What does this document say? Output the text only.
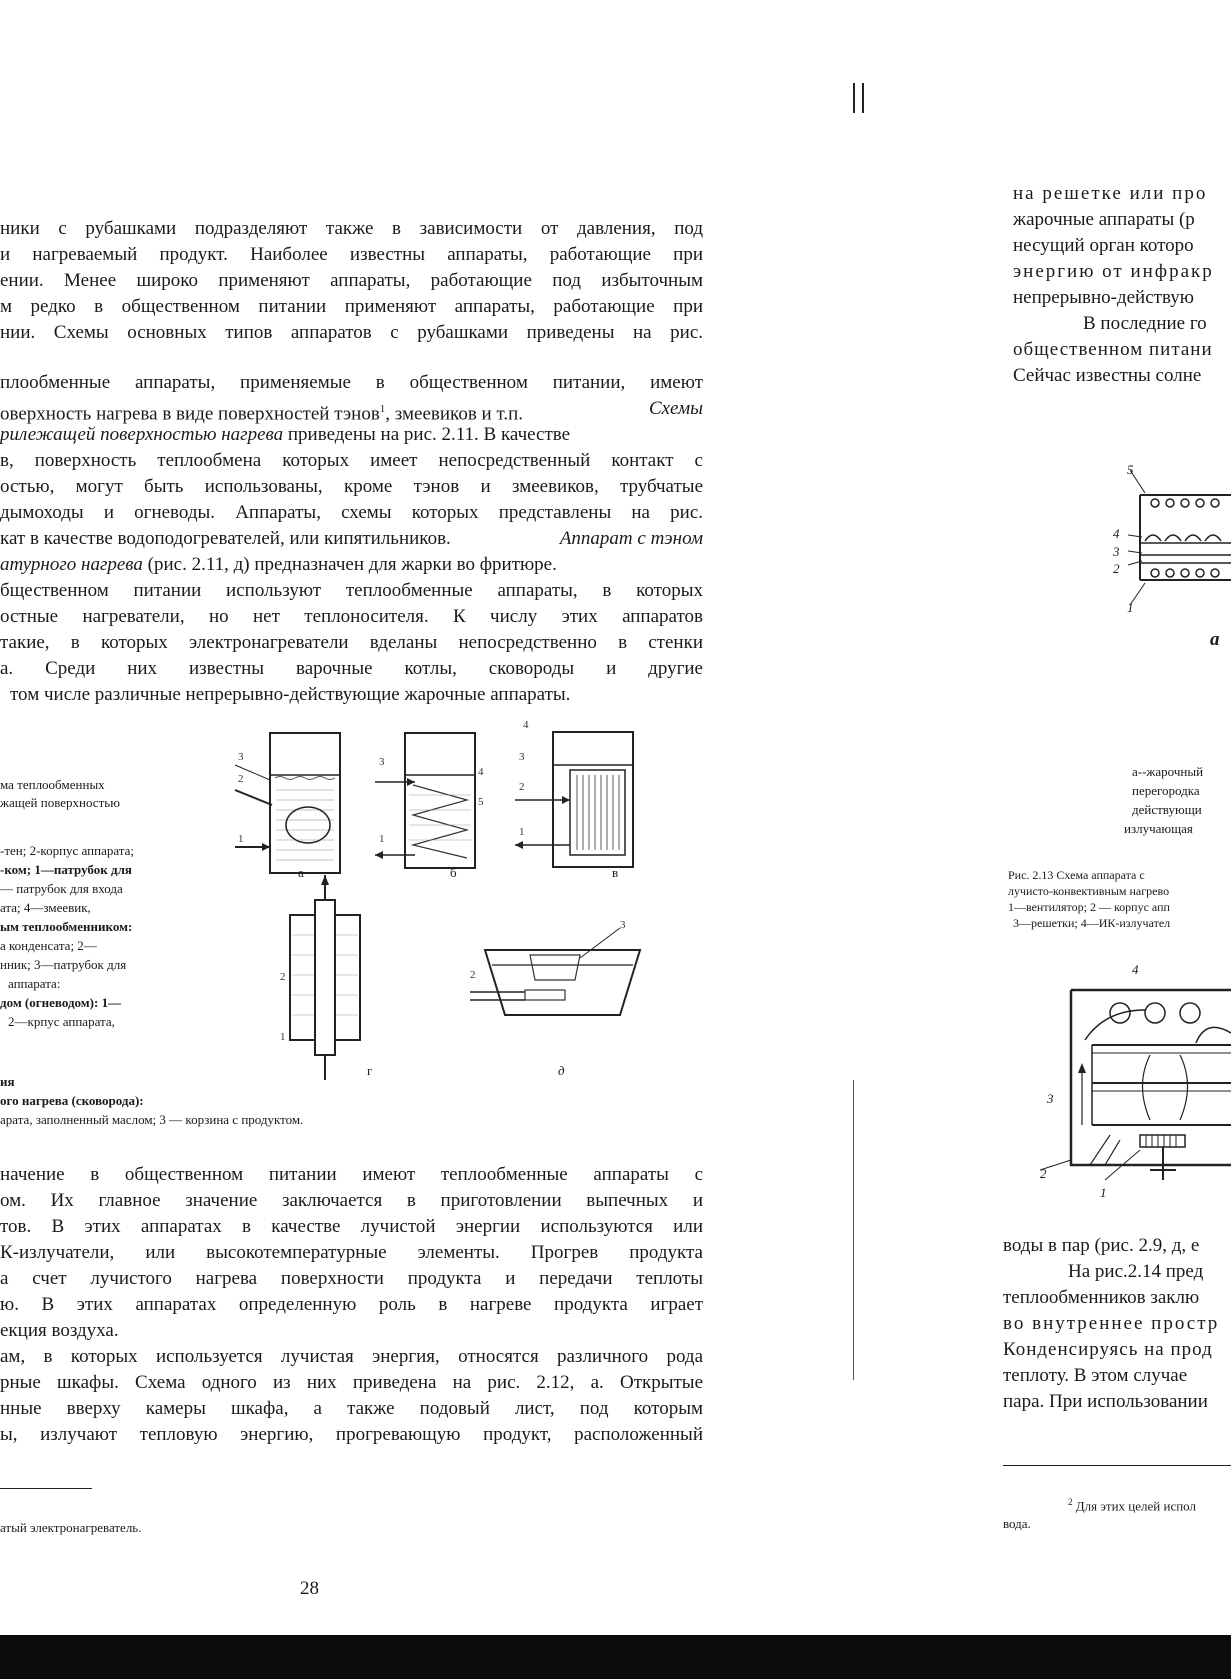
ники с рубашками подразделяют также в зависимости от давления, под
и нагреваемый продукт. Наиболее известны аппараты, работающие при
ении. Менее широко применяют аппараты, работающие под избыточным
м редко в общественном питании применяют аппараты, работающие при
нии. Схемы основных типов аппаратов с рубашками приведены на рис.
плообменные аппараты, применяемые в общественном питании, имеют
оверхность нагрева в виде поверхностей тэнов$^1$, змеевиков и т.п.	Схемы
рилежащей поверхностью нагрева приведены на рис. 2.11. В качестве
в, поверхность теплообмена которых имеет непосредственный контакт с
остью, могут быть использованы, кроме тэнов и змеевиков, трубчатые
дымоходы и огневоды. Аппараты, схемы которых представлены на рис.
кат в качестве водоподогревателей, или кипятильников.	Аппарат с тэном
атурного нагрева (рис. 2.11, д) предназначен для жарки во фритюре.
бщественном питании используют теплообменные аппараты, в которых
остные нагреватели, но нет теплоносителя. К числу этих аппаратов
такие, в которых электронагреватели вделаны непосредственно в стенки
а. Среди них известны варочные котлы, сковороды и другие
том числе различные непрерывно-действующие жарочные аппараты.
ма теплообменных
жащей поверхностью
-тен; 2-корпус аппарата;
-ком; 1—патрубок для
— патрубок для входа
ата; 4—змеевик,
ым теплообменником:
а конденсата; 2—
нник; 3—патрубок для
аппарата:
дом (огневодом): 1—
2—крпус аппарата,
ия
ого нагрева (сковорода):
арата, заполненный маслом; 3 — корзина с продуктом.
3
2
1
3
4
5
1
4
3
2
1
2
1
3
2
а	б	в
г	д
начение в общественном питании имеют теплообменные аппараты с
ом. Их главное значение заключается в приготовлении выпечных и
тов. В этих аппаратах в качестве лучистой энергии используются или
К-излучатели, или высокотемпературные элементы. Прогрев продукта
а счет лучистого нагрева поверхности продукта и передачи теплоты
ю. В этих аппаратах определенную роль в нагреве продукта играет
екция воздуха.
ам, в которых используется лучистая энергия, относятся различного рода
рные шкафы. Схема одного из них приведена на рис. 2.12, а. Открытые
нные вверху камеры шкафа, а также подовый лист, под которым
ы, излучают тепловую энергию, прогревающую продукт, расположенный
атый электронагреватель.
28
на решетке или про
жарочные аппараты (р
несущий орган которо
энергию от инфракр
непрерывно-действую
В последние го
общественном питани
Сейчас известны солне
5
4
3
2
1
а
а--жарочный
перегородка
действующи
излучающая
Рис. 2.13 Схема аппарата с
лучисто-конвективным нагрево
1—вентилятор; 2 — корпус апп
3—решетки; 4—ИК-излучател
4
3
2
1
воды в пар (рис. 2.9, д, е
На рис.2.14 пред
теплообменников заклю
во внутреннее простр
Конденсируясь на прод
теплоту. В этом случае
пара. При использовании
$^2$ Для этих целей испол
вода.
